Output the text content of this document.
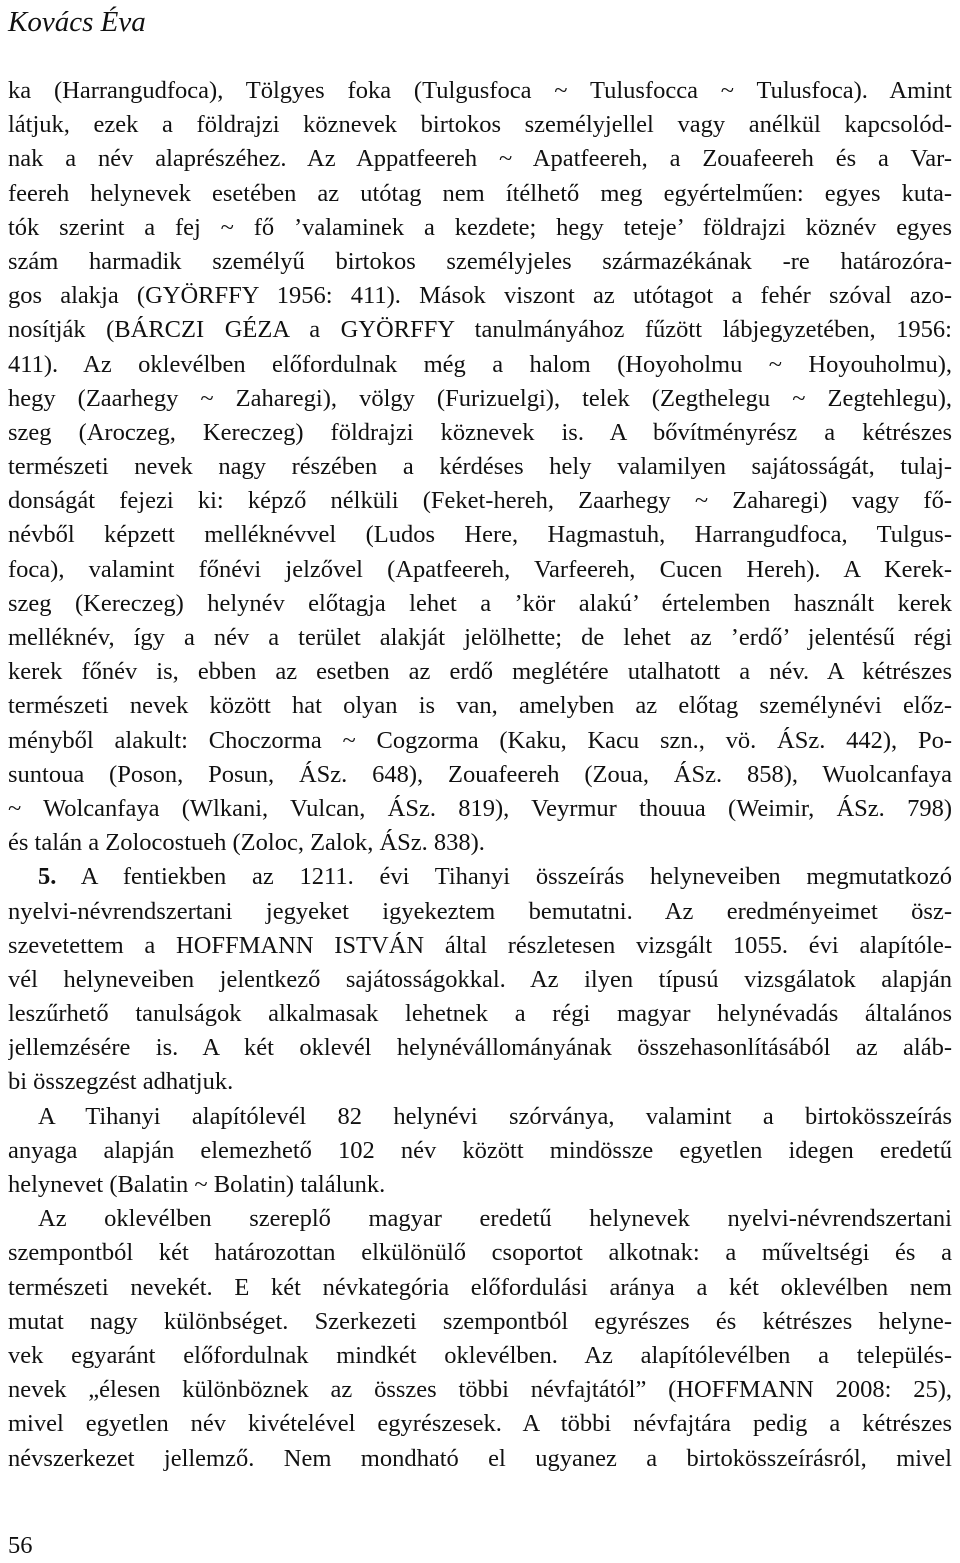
Kovács Éva
ka (Harrangudfoca), Tölgyes foka (Tulgusfoca ~ Tulusfocca ~ Tulusfoca). Amint
látjuk, ezek a földrajzi köznevek birtokos személyjellel vagy anélkül kapcsolód-
nak a név alaprészéhez. Az Appatfeereh ~ Apatfeereh, a Zouafeereh és a Var-
feereh helynevek esetében az utótag nem ítélhető meg egyértelműen: egyes kuta-
tók szerint a fej ~ fő ’valaminek a kezdete; hegy teteje’ földrajzi köznév egyes
szám harmadik személyű birtokos személyjeles származékának -re határozóra-
gos alakja (GYÖRFFY 1956: 411). Mások viszont az utótagot a fehér szóval azo-
nosítják (BÁRCZI GÉZA a GYÖRFFY tanulmányához fűzött lábjegyzetében, 1956:
411). Az oklevélben előfordulnak még a halom (Hoyoholmu ~ Hoyouholmu),
hegy (Zaarhegy ~ Zaharegi), völgy (Furizuelgi), telek (Zegthelegu ~ Zegtehlegu),
szeg (Aroczeg, Kereczeg) földrajzi köznevek is. A bővítményrész a kétrészes
természeti nevek nagy részében a kérdéses hely valamilyen sajátosságát, tulaj-
donságát fejezi ki: képző nélküli (Feket-hereh, Zaarhegy ~ Zaharegi) vagy fő-
névből képzett melléknévvel (Ludos Here, Hagmastuh, Harrangudfoca, Tulgus-
foca), valamint főnévi jelzővel (Apatfeereh, Varfeereh, Cucen Hereh). A Kerek-
szeg (Kereczeg) helynév előtagja lehet a ’kör alakú’ értelemben használt kerek
melléknév, így a név a terület alakját jelölhette; de lehet az ’erdő’ jelentésű régi
kerek főnév is, ebben az esetben az erdő meglétére utalhatott a név. A kétrészes
természeti nevek között hat olyan is van, amelyben az előtag személynévi előz-
ményből alakult: Choczorma ~ Cogzorma (Kaku, Kacu szn., vö. ÁSz. 442), Po-
suntoua (Poson, Posun, ÁSz. 648), Zouafeereh (Zoua, ÁSz. 858), Wuolcanfaya
~ Wolcanfaya (Wlkani, Vulcan, ÁSz. 819), Veyrmur thouua (Weimir, ÁSz. 798)
és talán a Zolocostueh (Zoloc, Zalok, ÁSz. 838).
5. A fentiekben az 1211. évi Tihanyi összeírás helyneveiben megmutatkozó
nyelvi-névrendszertani jegyeket igyekeztem bemutatni. Az eredményeimet ösz-
szevetettem a HOFFMANN ISTVÁN által részletesen vizsgált 1055. évi alapítóle-
vél helyneveiben jelentkező sajátosságokkal. Az ilyen típusú vizsgálatok alapján
leszűrhető tanulságok alkalmasak lehetnek a régi magyar helynévadás általános
jellemzésére is. A két oklevél helynévállományának összehasonlításából az aláb-
bi összegzést adhatjuk.
A Tihanyi alapítólevél 82 helynévi szórványa, valamint a birtokösszeírás
anyaga alapján elemezhető 102 név között mindössze egyetlen idegen eredetű
helynevet (Balatin ~ Bolatin) találunk.
Az oklevélben szereplő magyar eredetű helynevek nyelvi-névrendszertani
szempontból két határozottan elkülönülő csoportot alkotnak: a műveltségi és a
természeti nevekét. E két névkategória előfordulási aránya a két oklevélben nem
mutat nagy különbséget. Szerkezeti szempontból egyrészes és kétrészes helyne-
vek egyaránt előfordulnak mindkét oklevélben. Az alapítólevélben a település-
nevek „élesen különböznek az összes többi névfajtától” (HOFFMANN 2008: 25),
mivel egyetlen név kivételével egyrészesek. A többi névfajtára pedig a kétrészes
névszerkezet jellemző. Nem mondható el ugyanez a birtokösszeírásról, mivel
56
